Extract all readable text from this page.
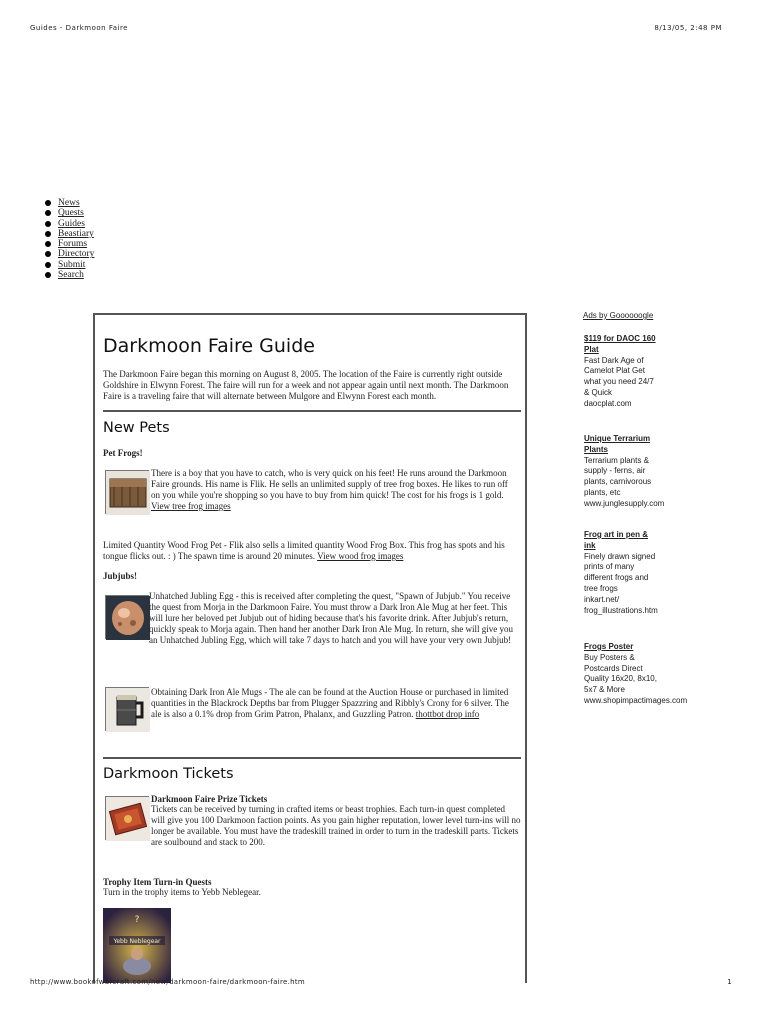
Guides - Darkmoon Faire	8/13/05, 2:48 PM
News
Quests
Guides
Beastiary
Forums
Directory
Submit
Search
Darkmoon Faire Guide
The Darkmoon Faire began this morning on August 8, 2005. The location of the Faire is currently right outside Goldshire in Elwynn Forest. The faire will run for a week and not appear again until next month. The Darkmoon Faire is a traveling faire that will alternate between Mulgore and Elwynn Forest each month.
New Pets
Pet Frogs!
There is a boy that you have to catch, who is very quick on his feet! He runs around the Darkmoon Faire grounds. His name is Flik. He sells an unlimited supply of tree frog boxes. He likes to run off on you while you're shopping so you have to buy from him quick! The cost for his frogs is 1 gold. View tree frog images
Limited Quantity Wood Frog Pet - Flik also sells a limited quantity Wood Frog Box. This frog has spots and his tongue flicks out. : ) The spawn time is around 20 minutes. View wood frog images
Jubjubs!
Unhatched Jubling Egg - this is received after completing the quest, "Spawn of Jubjub." You receive the quest from Morja in the Darkmoon Faire. You must throw a Dark Iron Ale Mug at her feet. This will lure her beloved pet Jubjub out of hiding because that's his favorite drink. After Jubjub's return, quickly speak to Morja again. Then hand her another Dark Iron Ale Mug. In return, she will give you an Unhatched Jubling Egg, which will take 7 days to hatch and you will have your very own Jubjub!
Obtaining Dark Iron Ale Mugs - The ale can be found at the Auction House or purchased in limited quantities in the Blackrock Depths bar from Plugger Spazzring and Ribbly's Crony for 6 silver. The ale is also a 0.1% drop from Grim Patron, Phalanx, and Guzzling Patron. thottbot drop info
Darkmoon Tickets
Darkmoon Faire Prize Tickets
Tickets can be received by turning in crafted items or beast trophies. Each turn-in quest completed will give you 100 Darkmoon faction points. As you gain higher reputation, lower level turn-ins will no longer be available. You must have the tradeskill trained in order to turn in the tradeskill parts. Tickets are soulbound and stack to 200.
Trophy Item Turn-in Quests
Turn in the trophy items to Yebb Neblegear.
?
Yebb Neblegear
Ads by Goooooogle
$119 for DAOC 160
Plat
Fast Dark Age of
Camelot Plat Get
what you need 24/7
& Quick
daocplat.com
Unique Terrarium
Plants
Terrarium plants &
supply - ferns, air
plants, carnivorous
plants, etc
www.junglesupply.com
Frog art in pen &
ink
Finely drawn signed
prints of many
different frogs and
tree frogs
inkart.net/ frog_illustrations.htm
Frogs Poster
Buy Posters &
Postcards Direct
Quality 16x20, 8x10,
5x7 & More
www.shopimpactimages.com
http://www.bookofwarcraft.com/new/darkmoon-faire/darkmoon-faire.htm	1
